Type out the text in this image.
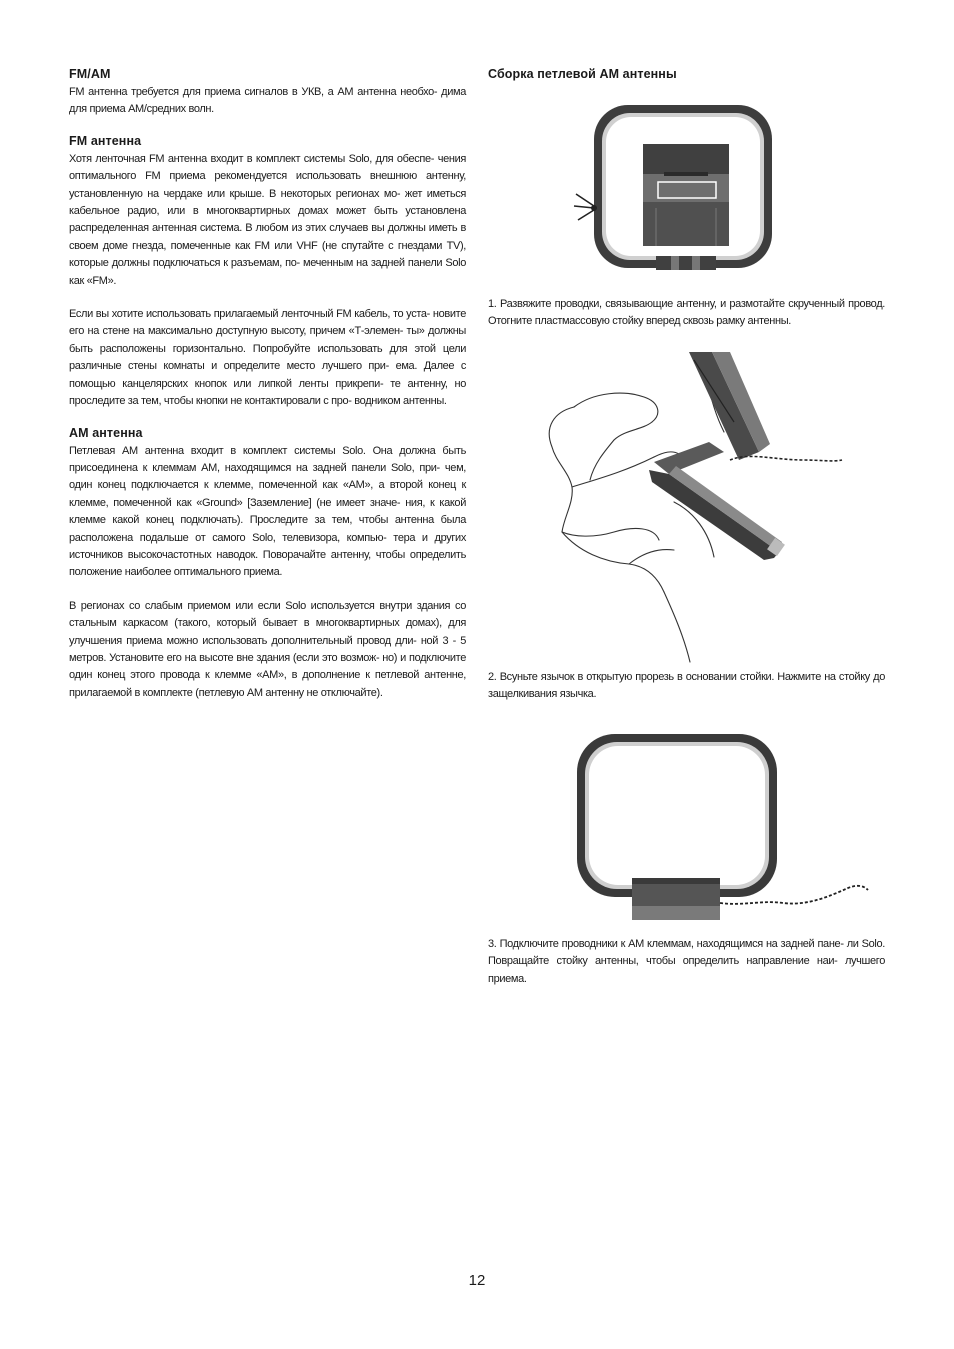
FM/AM

FM антенна требуется для приема сигналов в УКВ, а АМ антенна необхо- дима для приема АМ/средних волн.

FM антенна

Хотя ленточная FM антенна входит в комплект системы Solo, для обеспе- чения оптимального FM приема рекомендуется использовать внешнюю антенну, установленную на чердаке или крыше. В некоторых регионах мо- жет иметься кабельное радио, или в многоквартирных домах может быть установлена распределенная антенная система. В любом из этих случаев вы должны иметь в своем доме гнезда, помеченные как FM или VHF (не спутайте с гнездами TV), которые должны подключаться к разъемам, по- меченным на задней панели Solo как «FM».

Если вы хотите использовать прилагаемый ленточный FM кабель, то уста- новите его на стене на максимально доступную высоту, причем «Т-элемен- ты» должны быть расположены горизонтально. Попробуйте использовать для этой цели различные стены комнаты и определите место лучшего при- ема. Далее с помощью канцелярских кнопок или липкой ленты прикрепи- те антенну, но проследите за тем, чтобы кнопки не контактировали с про- водником антенны.

АМ антенна

Петлевая АМ антенна входит в комплект системы Solo. Она должна быть присоединена к клеммам АМ, находящимся на задней панели Solo, при- чем, один конец подключается к клемме, помеченной как «АМ», а второй конец к клемме, помеченной как «Ground» [Заземление] (не имеет значе- ния, к какой клемме какой конец подключать). Проследите за тем, чтобы антенна была расположена подальше от самого Solo, телевизора, компью- тера и других источников высокочастотных наводок. Поворачайте антенну, чтобы определить положение наиболее оптимального приема.

В регионах со слабым приемом или если Solo используется внутри здания со стальным каркасом (такого, который бывает в многоквартирных домах), для улучшения приема можно использовать дополнительный провод дли- ной 3 - 5 метров. Установите его на высоте вне здания (если это возмож- но) и подключите один конец этого провода к клемме «АМ», в дополнение к петлевой антенне, прилагаемой в комплекте (петлевую АМ антенну не отключайте).

Сборка петлевой АМ антенны

1. Развяжите проводки, связывающие антенну, и размотайте скрученный провод. Отогните пластмассовую стойку вперед сквозь рамку антенны.

2. Всуньте язычок в открытую прорезь в основании стойки. Нажмите на стойку до защелкивания язычка.

3. Подключите проводники к АМ клеммам, находящимся на задней пане- ли Solo. Повращайте стойку антенны, чтобы определить направление наи- лучшего приема.

12
